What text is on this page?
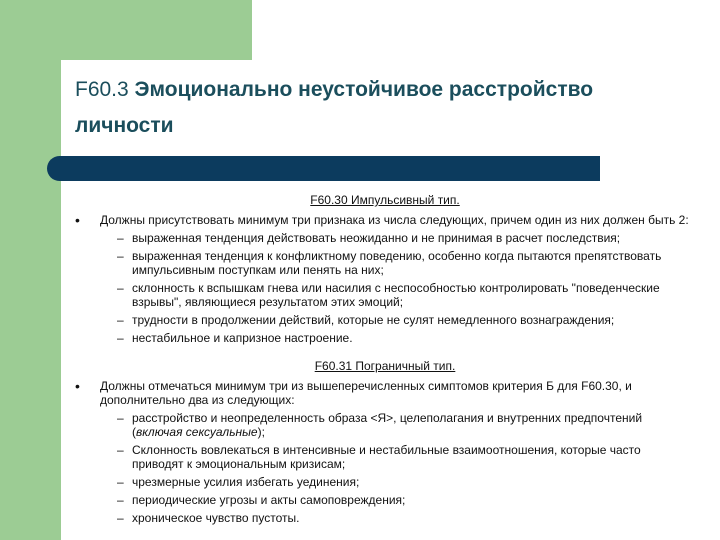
F60.3 Эмоционально неустойчивое расстройство личности

F60.30 Импульсивный тип.

• Должны присутствовать минимум три признака из числа следующих, причем один из них должен быть 2:

– выраженная тенденция действовать неожиданно и не принимая в расчет последствия;

– выраженная тенденция к конфликтному поведению, особенно когда пытаются препятствовать импульсивным поступкам или пенять на них;

– склонность к вспышкам гнева или насилия с неспособностью контролировать "поведенческие взрывы", являющиеся результатом этих эмоций;

– трудности в продолжении действий, которые не сулят немедленного вознаграждения;

– нестабильное и капризное настроение.

F60.31 Пограничный тип.

• Должны отмечаться минимум три из вышеперечисленных симптомов критерия Б для F60.30, и дополнительно два из следующих:

– расстройство и неопределенность образа <Я>, целеполагания и внутренних предпочтений (включая сексуальные);

– Склонность вовлекаться в интенсивные и нестабильные взаимоотношения, которые часто приводят к эмоциональным кризисам;

– чрезмерные усилия избегать уединения;

– периодические угрозы и акты самоповреждения;

– хроническое чувство пустоты.
